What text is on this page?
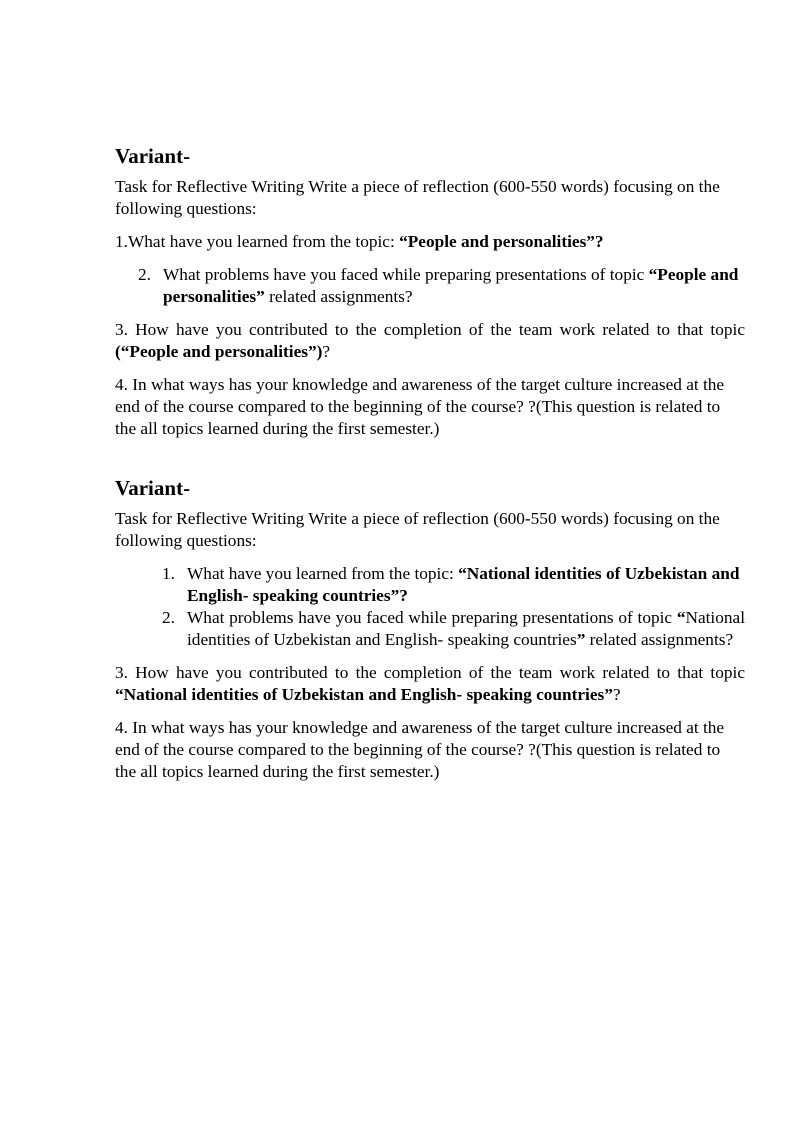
Variant-

Task for Reflective Writing Write a piece of reflection (600-550 words) focusing on the following questions:

1.What have you learned from the topic: “People and personalities”?

2. What problems have you faced while preparing presentations of topic “People and personalities” related assignments?

3. How have you contributed to the completion of the team work related to that topic (“People and personalities”)?

4. In what ways has your knowledge and awareness of the target culture increased at the end of the course compared to the beginning of the course? ?(This question is related to the all topics learned during the first semester.)

Variant-

Task for Reflective Writing Write a piece of reflection (600-550 words) focusing on the following questions:

1. What have you learned from the topic: “National identities of Uzbekistan and English- speaking countries”?
2. What problems have you faced while preparing presentations of topic “National identities of Uzbekistan and English- speaking countries” related assignments?

3. How have you contributed to the completion of the team work related to that topic “National identities of Uzbekistan and English- speaking countries”?

4. In what ways has your knowledge and awareness of the target culture increased at the end of the course compared to the beginning of the course? ?(This question is related to the all topics learned during the first semester.)
